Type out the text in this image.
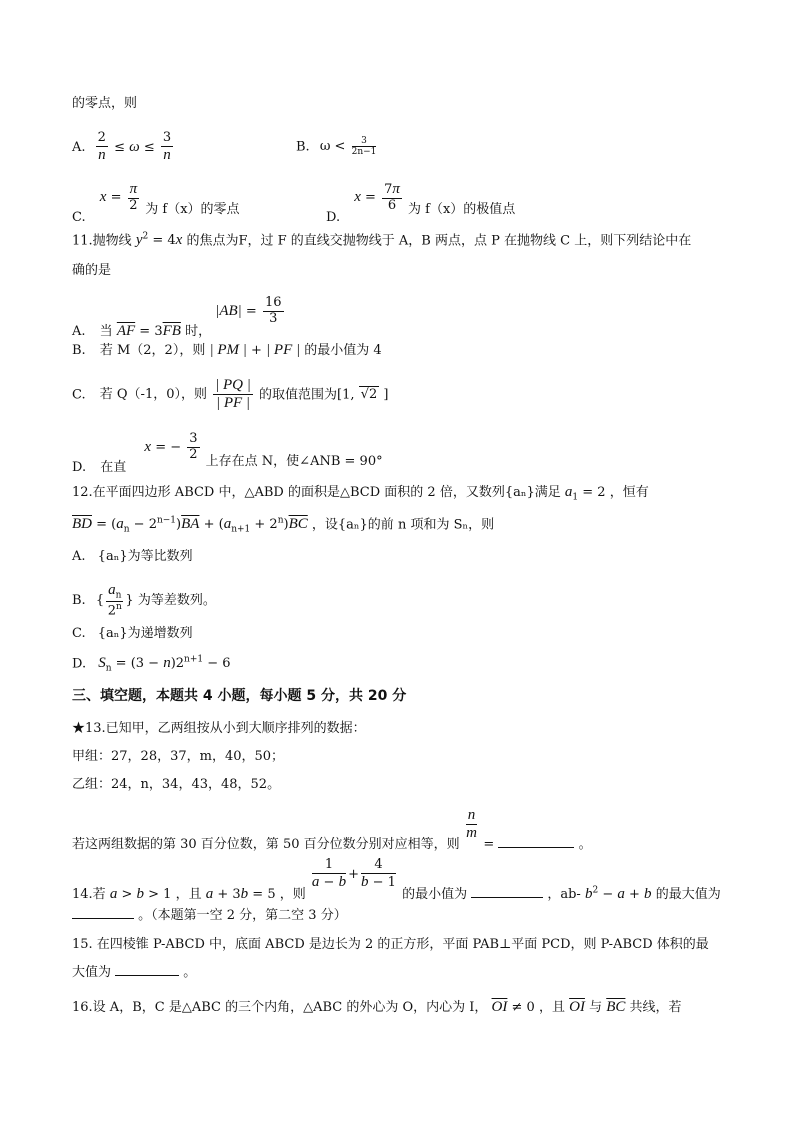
的零点，则
A. $\frac{2}{n} \le \omega \le \frac{3}{n}$	B. $\omega < \frac{3}{2n-1}$
C. $x = \frac{\pi}{2}$ 为 f（x）的零点
D. $x = \frac{7\pi}{6}$ 为 f（x）的极值点
11.抛物线 $y^2 = 4x$ 的焦点为F，过 F 的直线交抛物线于 A，B 两点，点 P 在抛物线 C 上，则下列结论中在
确的是
A. 当 $\overline{AF} = 3\overline{FB}$ 时， $|AB| = \frac{16}{3}$
B. 若 M（2，2），则 | PM | + | PF | 的最小值为 4
C. 若 Q（-1，0），则 $\frac{| PQ |}{| PF |}$ 的取值范围为[1, √2 ]
D. 在直 x = − $\frac{3}{2}$ 上存在点 N，使∠ANB = 90°
12.在平面四边形 ABCD 中，△ABD 的面积是△BCD 面积的 2 倍，又数列{aₙ}满足 $a_1 = 2$ ，恒有
$\overline{BD} = (a_n - 2^{n-1})\overline{BA} + (a_{n+1} + 2^n)\overline{BC}$ ，设{aₙ}的前 n 项和为 Sₙ，则
A. {aₙ}为等比数列
B. { $\frac{a_n}{2^n}$ } 为等差数列。
C. {aₙ}为递增数列
D. $S_n = (3 - n)2^{n+1} - 6$
三、填空题，本题共 4 小题，每小题 5 分，共 20 分
★13.已知甲，乙两组按从小到大顺序排列的数据：
甲组：27，28，37，m，40，50；
乙组：24，n，34，43，48，52。
若这两组数据的第 30 百分位数，第 50 百分位数分别对应相等，则
$\frac{n}{m}$
=	。
14.若 a > b > 1 ，且 a + 3b = 5 ，则
$\frac{1}{a - b} + \frac{4}{b - 1}$
的最小值为	，ab- $b^2 - a + b$ 的最大值为
。（本题第一空 2 分，第二空 3 分）
15. 在四棱锥 P-ABCD 中，底面 ABCD 是边长为 2 的正方形，平面 PAB⊥平面 PCD，则 P-ABCD 体积的最
大值为	。
16.设 A，B，C 是△ABC 的三个内角，△ABC 的外心为 O，内心为 I， $\overline{OI} \ne 0$ ，且 $\overline{OI}$ 与 $\overline{BC}$ 共线，若
